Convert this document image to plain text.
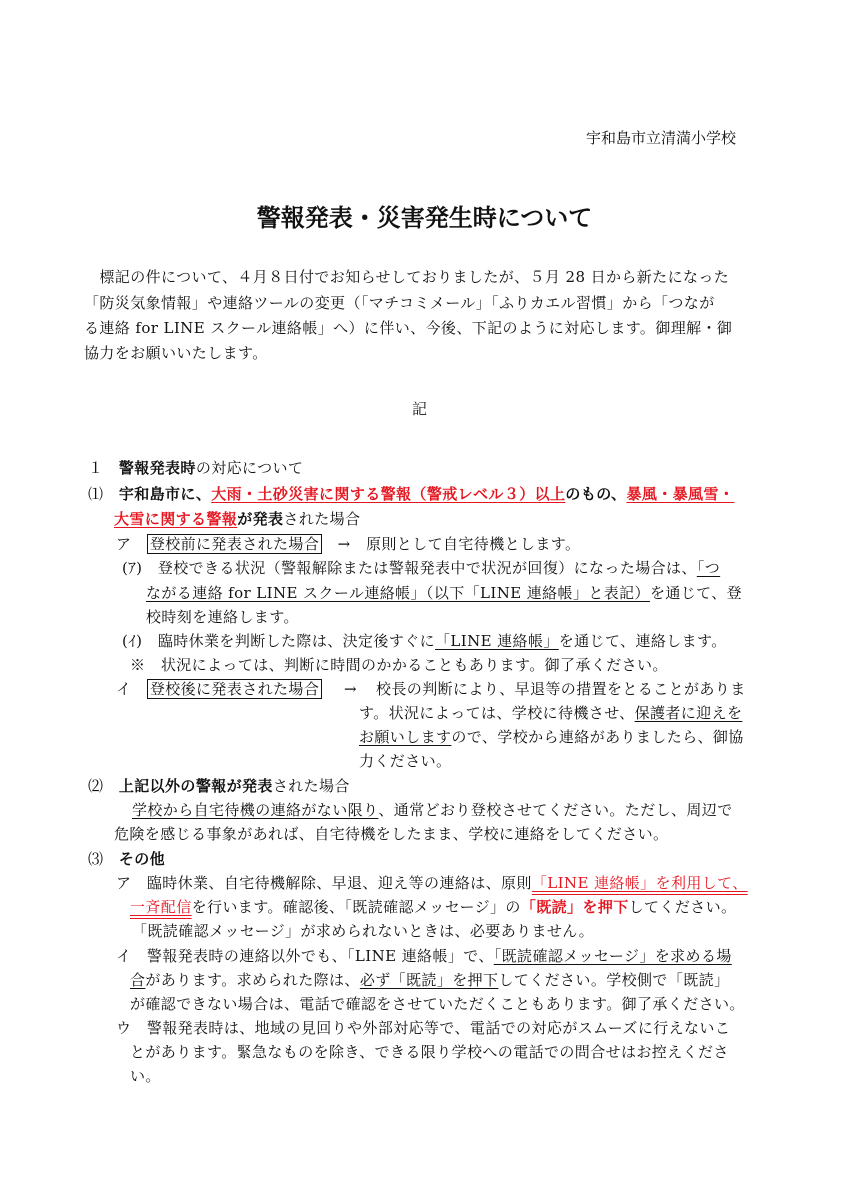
宇和島市立清満小学校
警報発表・災害発生時について
　標記の件について、４月８日付でお知らせしておりましたが、５月 28 日から新たになった
「防災気象情報」や連絡ツールの変更（「マチコミメール」「ふりカエル習慣」から「つなが
る連絡 for LINE スクール連絡帳」へ）に伴い、今後、下記のように対応します。御理解・御
協力をお願いいたします。
記
１　 警報発表時の対応について
⑴　 宇和島市に、大雨・土砂災害に関する警報（警戒レベル３）以上のもの、暴風・暴風雪・
大雪に関する警報が発表された場合
ア　 登校前に発表された場合　→　原則として自宅待機とします。
(ｱ)　 登校できる状況（警報解除または警報発表中で状況が回復）になった場合は、「つ
ながる連絡 for LINE スクール連絡帳」（以下「LINE 連絡帳」と表記）を通じて、登
校時刻を連絡します。
(ｲ)　 臨時休業を判断した際は、決定後すぐに「LINE 連絡帳」を通じて、連絡します。
※　 状況によっては、判断に時間のかかることもあります。御了承ください。
イ　 登校後に発表された場合 → 校長の判断により、早退等の措置をとることがありま
す。状況によっては、学校に待機させ、保護者に迎えを
お願いしますので、学校から連絡がありましたら、御協
力ください。
⑵　 上記以外の警報が発表された場合
学校から自宅待機の連絡がない限り、通常どおり登校させてください。ただし、周辺で
危険を感じる事象があれば、自宅待機をしたまま、学校に連絡をしてください。
⑶　 その他
ア　 臨時休業、自宅待機解除、早退、迎え等の連絡は、原則「LINE 連絡帳」を利用して、
一斉配信を行います。確認後、「既読確認メッセージ」の「既読」を押下してください。
「既読確認メッセージ」が求められないときは、必要ありません。
イ　 警報発表時の連絡以外でも、「LINE 連絡帳」で、「既読確認メッセージ」を求める場
合があります。求められた際は、必ず「既読」を押下してください。学校側で「既読」
が確認できない場合は、電話で確認をさせていただくこともあります。御了承ください。
ウ　 警報発表時は、地域の見回りや外部対応等で、電話での対応がスムーズに行えないこ
とがあります。緊急なものを除き、できる限り学校への電話での問合せはお控えくださ
い。
